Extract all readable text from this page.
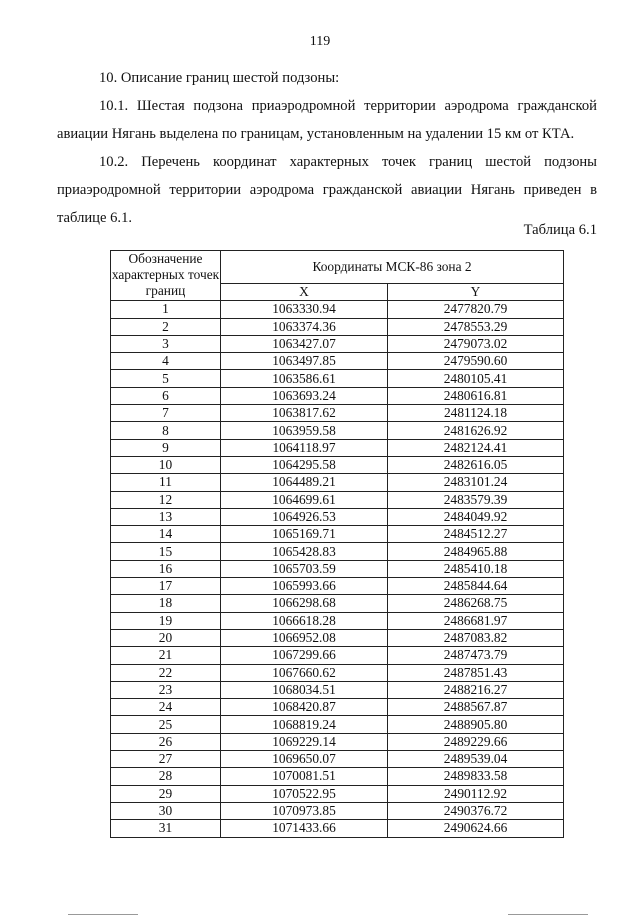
119

10. Описание границ шестой подзоны:

10.1. Шестая подзона приаэродромной территории аэродрома гражданской авиации Нягань выделена по границам, установленным на удалении 15 км от КТА.

10.2. Перечень координат характерных точек границ шестой подзоны приаэродромной территории аэродрома гражданской авиации Нягань приведен в таблице 6.1.

Таблица 6.1
Обозначение характерных точек границ	Координаты МСК-86 зона 2	
	X	Y
1	1063330.94	2477820.79
2	1063374.36	2478553.29
3	1063427.07	2479073.02
4	1063497.85	2479590.60
5	1063586.61	2480105.41
6	1063693.24	2480616.81
7	1063817.62	2481124.18
8	1063959.58	2481626.92
9	1064118.97	2482124.41
10	1064295.58	2482616.05
11	1064489.21	2483101.24
12	1064699.61	2483579.39
13	1064926.53	2484049.92
14	1065169.71	2484512.27
15	1065428.83	2484965.88
16	1065703.59	2485410.18
17	1065993.66	2485844.64
18	1066298.68	2486268.75
19	1066618.28	2486681.97
20	1066952.08	2487083.82
21	1067299.66	2487473.79
22	1067660.62	2487851.43
23	1068034.51	2488216.27
24	1068420.87	2488567.87
25	1068819.24	2488905.80
26	1069229.14	2489229.66
27	1069650.07	2489539.04
28	1070081.51	2489833.58
29	1070522.95	2490112.92
30	1070973.85	2490376.72
31	1071433.66	2490624.66
